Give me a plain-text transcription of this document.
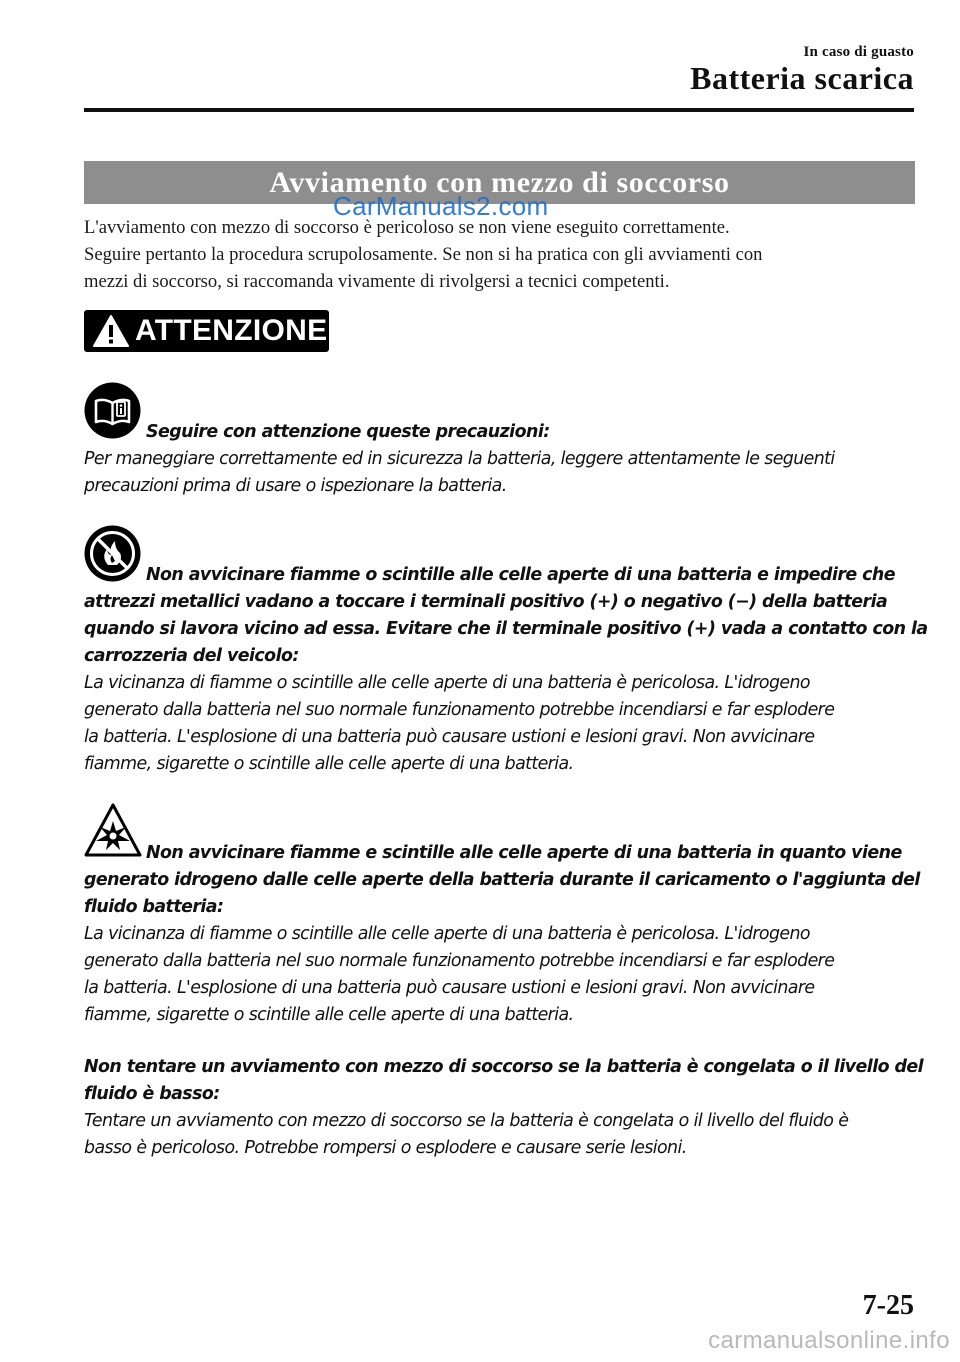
In caso di guasto
Batteria scarica
Avviamento con mezzo di soccorso
CarManuals2.com

L'avviamento con mezzo di soccorso è pericoloso se non viene eseguito correttamente.

Seguire pertanto la procedura scrupolosamente. Se non si ha pratica con gli avviamenti con

mezzi di soccorso, si raccomanda vivamente di rivolgersi a tecnici competenti.

ATTENZIONE
Seguire con attenzione queste precauzioni:
Per maneggiare correttamente ed in sicurezza la batteria, leggere attentamente le seguenti
precauzioni prima di usare o ispezionare la batteria.
Non avvicinare fiamme o scintille alle celle aperte di una batteria e impedire che
attrezzi metallici vadano a toccare i terminali positivo (+) o negativo (−) della batteria
quando si lavora vicino ad essa. Evitare che il terminale positivo (+) vada a contatto con la
carrozzeria del veicolo:
La vicinanza di fiamme o scintille alle celle aperte di una batteria è pericolosa. L'idrogeno
generato dalla batteria nel suo normale funzionamento potrebbe incendiarsi e far esplodere
la batteria. L'esplosione di una batteria può causare ustioni e lesioni gravi. Non avvicinare
fiamme, sigarette o scintille alle celle aperte di una batteria.
Non avvicinare fiamme e scintille alle celle aperte di una batteria in quanto viene
generato idrogeno dalle celle aperte della batteria durante il caricamento o l'aggiunta del
fluido batteria:
La vicinanza di fiamme o scintille alle celle aperte di una batteria è pericolosa. L'idrogeno
generato dalla batteria nel suo normale funzionamento potrebbe incendiarsi e far esplodere
la batteria. L'esplosione di una batteria può causare ustioni e lesioni gravi. Non avvicinare
fiamme, sigarette o scintille alle celle aperte di una batteria.
Non tentare un avviamento con mezzo di soccorso se la batteria è congelata o il livello del
fluido è basso:
Tentare un avviamento con mezzo di soccorso se la batteria è congelata o il livello del fluido è
basso è pericoloso. Potrebbe rompersi o esplodere e causare serie lesioni.
7-25
carmanualsonline.info
